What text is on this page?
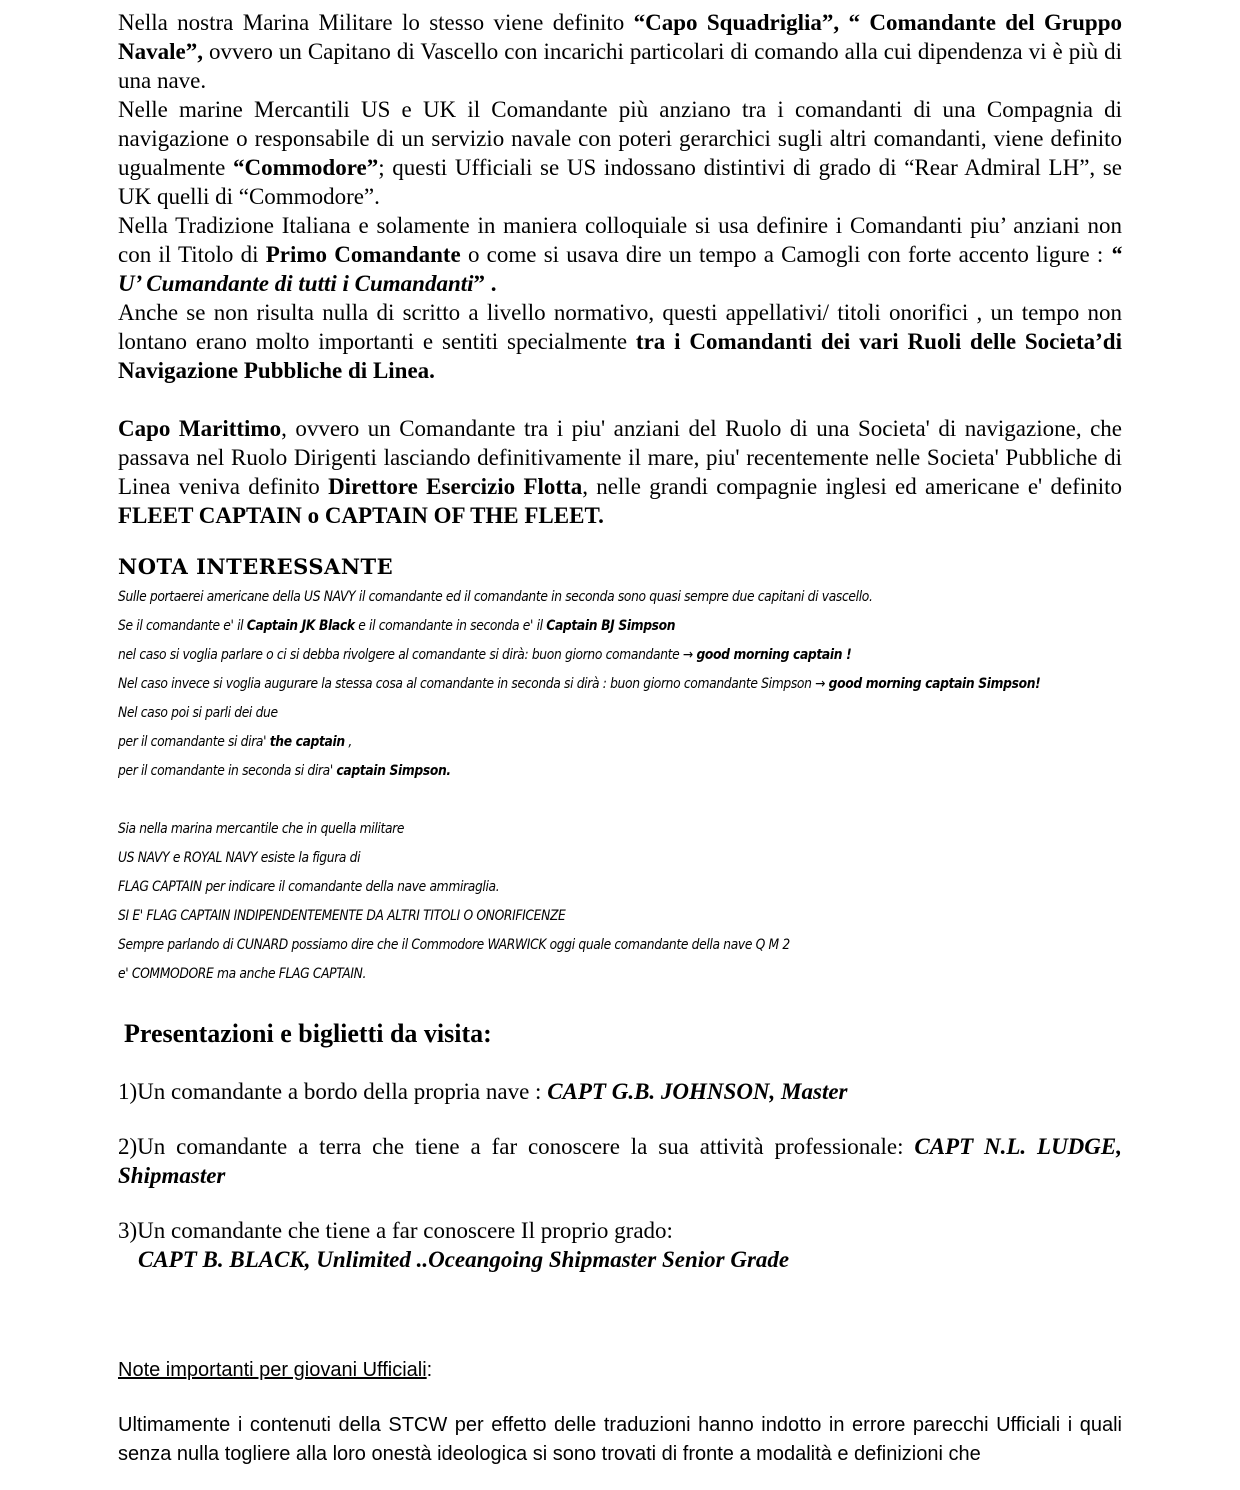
Nella nostra Marina Militare lo stesso viene definito “Capo Squadriglia”, “ Comandante del Gruppo Navale”, ovvero un Capitano di Vascello con incarichi particolari di comando alla cui dipendenza vi è più di una nave.

Nelle marine Mercantili US e UK il Comandante più anziano tra i comandanti di una Compagnia di navigazione o responsabile di un servizio navale con poteri gerarchici sugli altri comandanti, viene definito ugualmente “Commodore”; questi Ufficiali se US indossano distintivi di grado di “Rear Admiral LH”, se UK quelli di “Commodore”.

Nella Tradizione Italiana e solamente in maniera colloquiale si usa definire i Comandanti piu’ anziani non con il Titolo di Primo Comandante o come si usava dire un tempo a Camogli con forte accento ligure : “ U’ Cumandante di tutti i Cumandanti” .

Anche se non risulta nulla di scritto a livello normativo, questi appellativi/ titoli onorifici , un tempo non lontano erano molto importanti e sentiti specialmente tra i Comandanti dei vari Ruoli delle Societa’di Navigazione Pubbliche di Linea.

Capo Marittimo, ovvero un Comandante tra i piu' anziani del Ruolo di una Societa' di navigazione, che passava nel Ruolo Dirigenti lasciando definitivamente il mare, piu' recentemente nelle Societa' Pubbliche di Linea veniva definito Direttore Esercizio Flotta, nelle grandi compagnie inglesi ed americane e' definito FLEET CAPTAIN o CAPTAIN OF THE FLEET.

NOTA INTERESSANTE
Sulle portaerei americane della US NAVY il comandante ed il comandante in seconda sono quasi sempre due capitani di vascello.
Se il comandante e' il Captain JK Black e il comandante in seconda e' il Captain BJ Simpson
nel caso si voglia parlare o ci si debba rivolgere al comandante si dirà: buon giorno comandante → good morning captain !
Nel caso invece si voglia augurare la stessa cosa al comandante in seconda si dirà : buon giorno comandante Simpson → good morning captain Simpson!
Nel caso poi si parli dei due
per il comandante si dira' the captain ,
per il comandante in seconda si dira' captain Simpson.
Sia nella marina mercantile che in quella militare
US NAVY e ROYAL NAVY esiste la figura di
FLAG CAPTAIN per indicare il comandante della nave ammiraglia.
SI E' FLAG CAPTAIN INDIPENDENTEMENTE DA ALTRI TITOLI O ONORIFICENZE
Sempre parlando di CUNARD possiamo dire che il Commodore WARWICK oggi quale comandante della nave Q M 2
e' COMMODORE ma anche FLAG CAPTAIN.
Presentazioni e biglietti da visita:
1)Un comandante a bordo della propria nave : CAPT G.B. JOHNSON, Master
2)Un comandante a terra che tiene a far conoscere la sua attività professionale: CAPT N.L. LUDGE, Shipmaster
3)Un comandante che tiene a far conoscere Il proprio grado:
CAPT B. BLACK, Unlimited ..Oceangoing Shipmaster Senior Grade
Note importanti per giovani Ufficiali:
Ultimamente i contenuti della STCW per effetto delle traduzioni hanno indotto in errore parecchi Ufficiali i quali senza nulla togliere alla loro onestà ideologica si sono trovati di fronte a modalità e definizioni che
